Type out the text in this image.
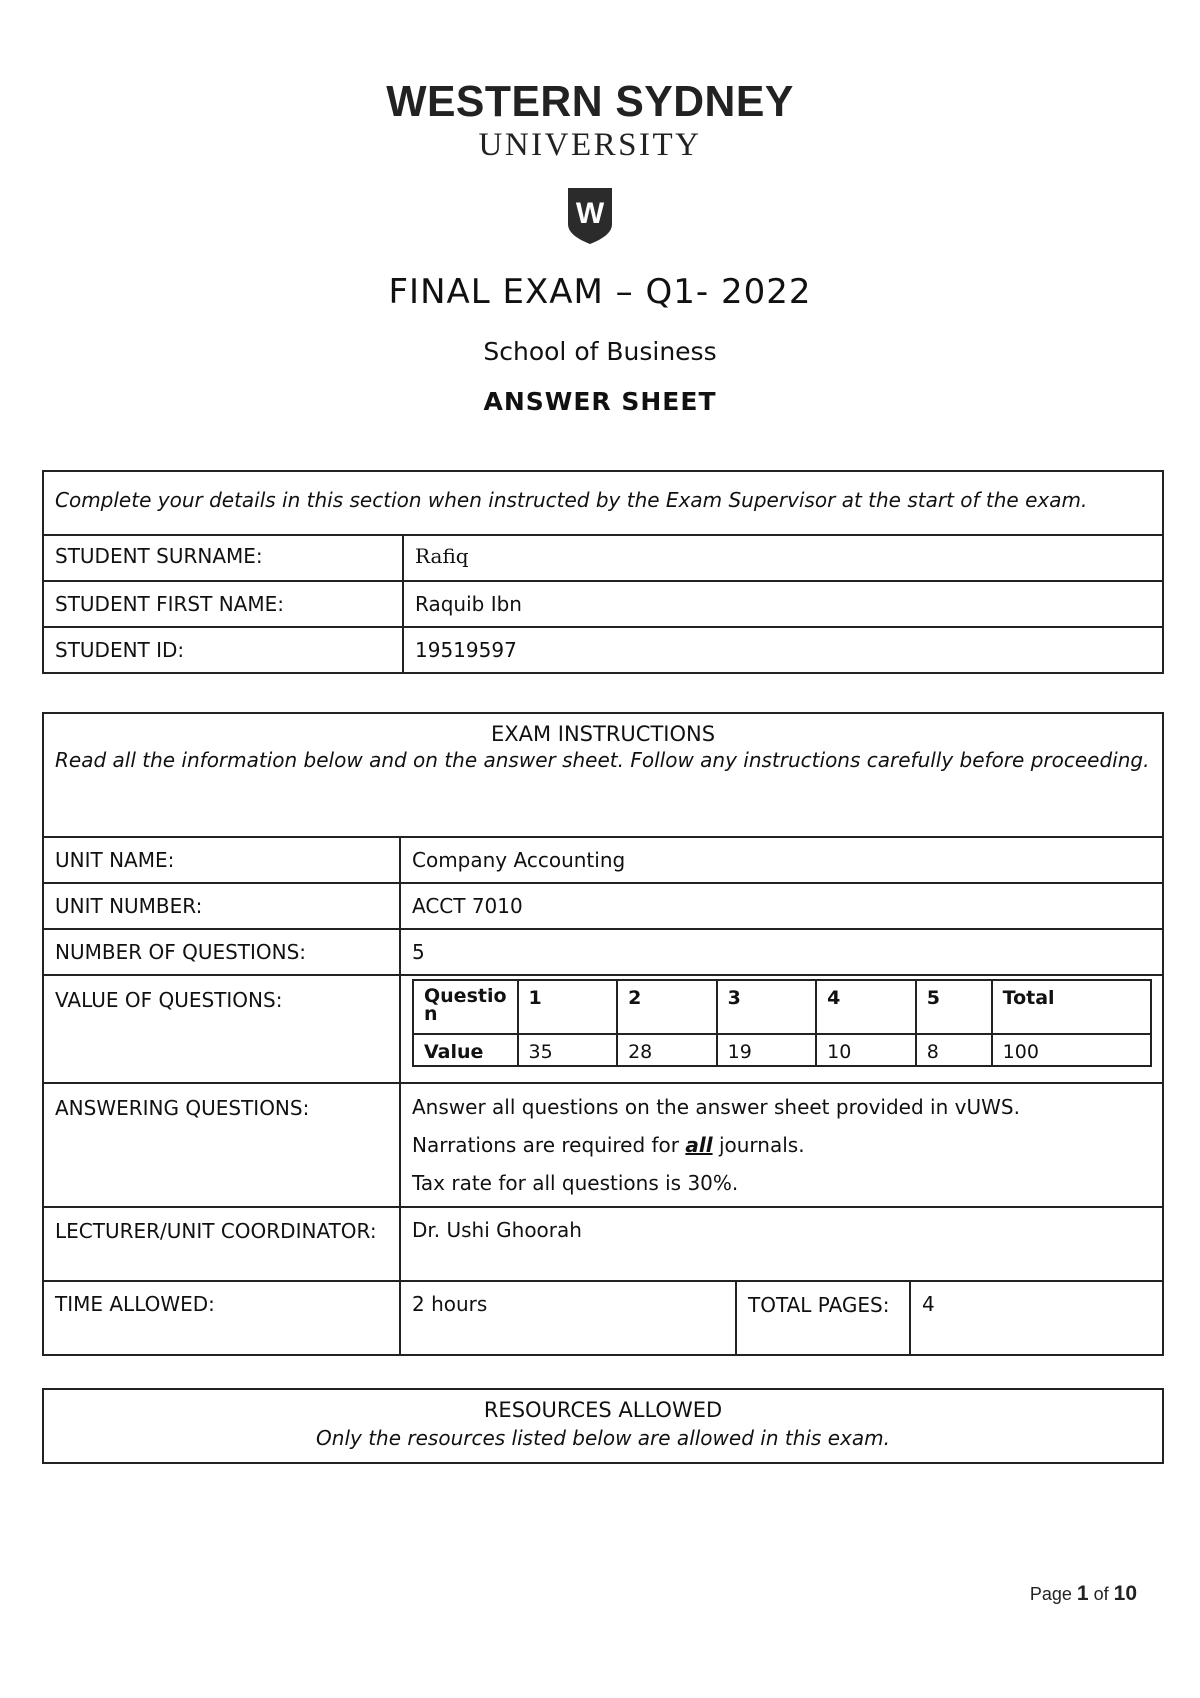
WESTERN SYDNEY
UNIVERSITY
W
FINAL EXAM – Q1- 2022
School of Business
ANSWER SHEET
Complete your details in this section when instructed by the Exam Supervisor at the start of the exam.	
STUDENT SURNAME:	Rafiq
STUDENT FIRST NAME:	Raquib Ibn
STUDENT ID:	19519597
EXAM INSTRUCTIONS
Read all the information below and on the answer sheet. Follow any instructions carefully before proceeding.

UNIT NAME:	Company Accounting
UNIT NUMBER:	ACCT 7010
NUMBER OF QUESTIONS:	5
VALUE OF QUESTIONS:		Questio n	1	2	3	4	5	Total
Value	35	28	19	10	8	100

ANSWERING QUESTIONS:	Answer all questions on the answer sheet provided in vUWS.
Narrations are required for all journals.
Tax rate for all questions is 30%.

LECTURER/UNIT COORDINATOR:	Dr. Ushi Ghoorah
TIME ALLOWED:	2 hours	TOTAL PAGES:	4
RESOURCES ALLOWED
Only the resources listed below are allowed in this exam.
Page 1 of 10
